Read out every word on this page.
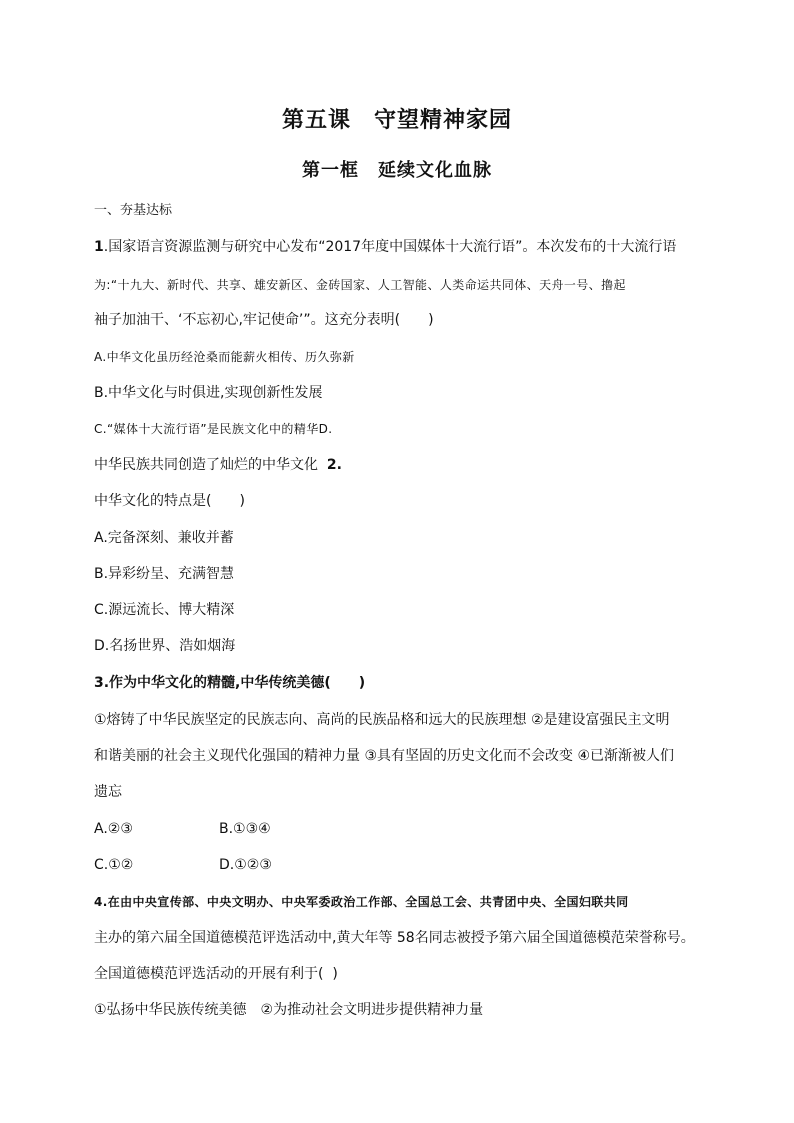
第五课　守望精神家园
第一框　延续文化血脉
一、夯基达标
1.国家语言资源监测与研究中心发布“2017年度中国媒体十大流行语”。本次发布的十大流行语
为:“十九大、新时代、共享、雄安新区、金砖国家、人工智能、人类命运共同体、天舟一号、撸起
袖子加油干、‘不忘初心,牢记使命’”。这充分表明(　　)
A.中华文化虽历经沧桑而能薪火相传、历久弥新
B.中华文化与时俱进,实现创新性发展
C.“媒体十大流行语”是民族文化中的精华D.
中华民族共同创造了灿烂的中华文化 2.
中华文化的特点是(　　)
A.完备深刻、兼收并蓄
B.异彩纷呈、充满智慧
C.源远流长、博大精深
D.名扬世界、浩如烟海
3.作为中华文化的精髓,中华传统美德(　　)
①熔铸了中华民族坚定的民族志向、高尚的民族品格和远大的民族理想 ②是建设富强民主文明
和谐美丽的社会主义现代化强国的精神力量 ③具有坚固的历史文化而不会改变 ④已渐渐被人们
遗忘
A.②③	B.①③④
C.①②	D.①②③
4.在由中央宣传部、中央文明办、中央军委政治工作部、全国总工会、共青团中央、全国妇联共同
主办的第六届全国道德模范评选活动中,黄大年等 58名同志被授予第六届全国道德模范荣誉称号。
全国道德模范评选活动的开展有利于(  )
①弘扬中华民族传统美德　②为推动社会文明进步提供精神力量
